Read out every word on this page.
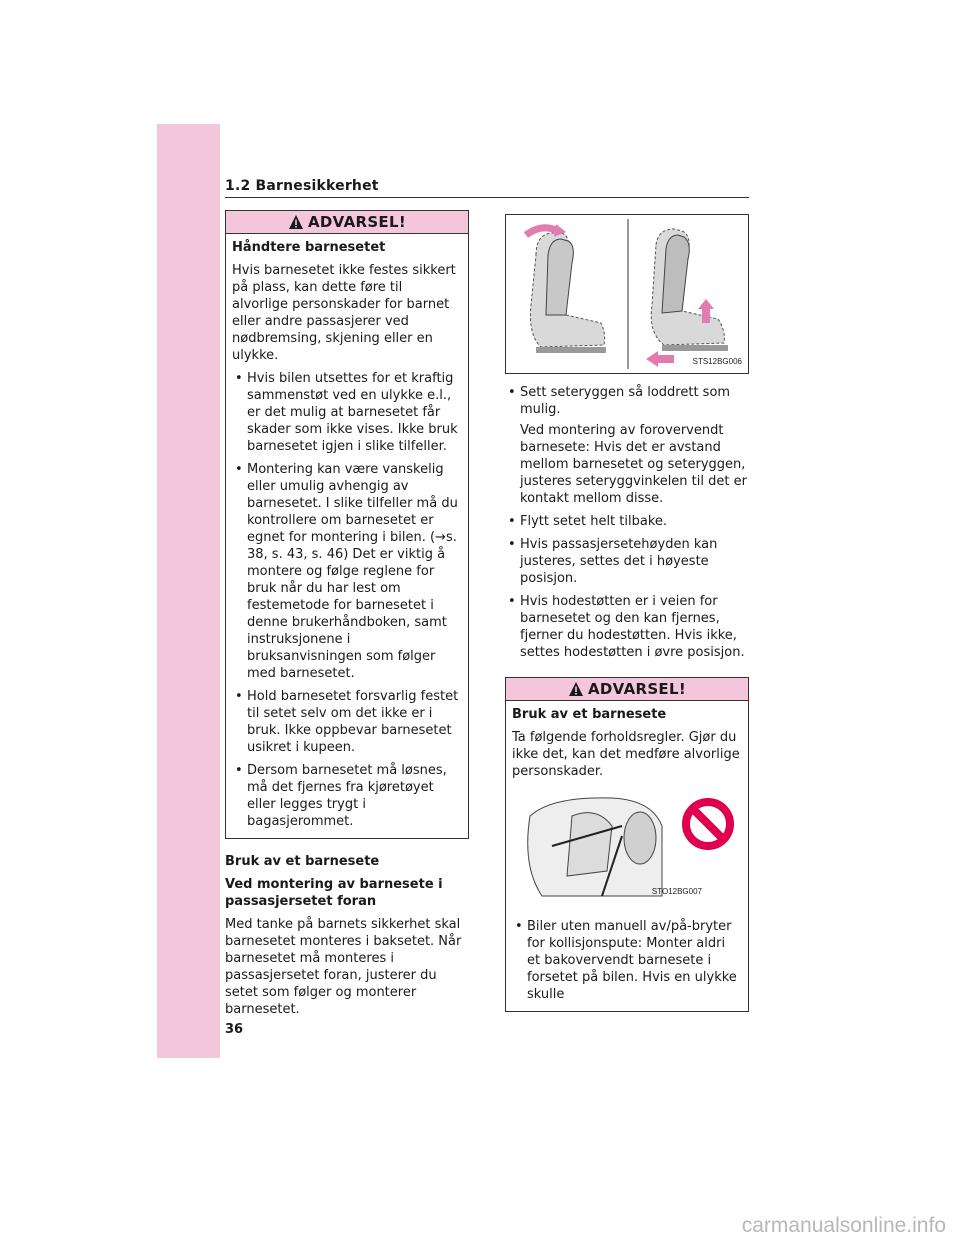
1.2 Barnesikkerhet
ADVARSEL!

Håndtere barnesetet

Hvis barnesetet ikke festes sikkert på plass, kan dette føre til alvorlige personskader for barnet eller andre passasjerer ved nødbremsing, skjening eller en ulykke.

• Hvis bilen utsettes for et kraftig sammenstøt ved en ulykke e.l., er det mulig at barnesetet får skader som ikke vises. Ikke bruk barnesetet igjen i slike tilfeller.
• Montering kan være vanskelig eller umulig avhengig av barnesetet. I slike tilfeller må du kontrollere om barnesetet er egnet for montering i bilen. (→s. 38, s. 43, s. 46) Det er viktig å montere og følge reglene for bruk når du har lest om festemetode for barnesetet i denne brukerhåndboken, samt instruksjonene i bruksanvisningen som følger med barnesetet.
• Hold barnesetet forsvarlig festet til setet selv om det ikke er i bruk. Ikke oppbevar barnesetet usikret i kupeen.
• Dersom barnesetet må løsnes, må det fjernes fra kjøretøyet eller legges trygt i bagasjerommet.

Bruk av et barnesete

Ved montering av barnesete i passasjersetet foran

Med tanke på barnets sikkerhet skal barnesetet monteres i baksetet. Når barnesetet må monteres i passasjersetet foran, justerer du setet som følger og monterer barnesetet.

STS12BG006
• Sett seteryggen så loddrett som mulig.

Ved montering av forovervendt barnesete: Hvis det er avstand mellom barnesetet og seteryggen, justeres seteryggvinkelen til det er kontakt mellom disse.

• Flytt setet helt tilbake.
• Hvis passasjersetehøyden kan justeres, settes det i høyeste posisjon.
• Hvis hodestøtten er i veien for barnesetet og den kan fjernes, fjerner du hodestøtten. Hvis ikke, settes hodestøtten i øvre posisjon.
ADVARSEL!

Bruk av et barnesete

Ta følgende forholdsregler. Gjør du ikke det, kan det medføre alvorlige personskader.

STO12BG007
• Biler uten manuell av/på-bryter for kollisjonspute: Monter aldri et bakovervendt barnesete i forsetet på bilen. Hvis en ulykke skulle
36
carmanualsonline.info
